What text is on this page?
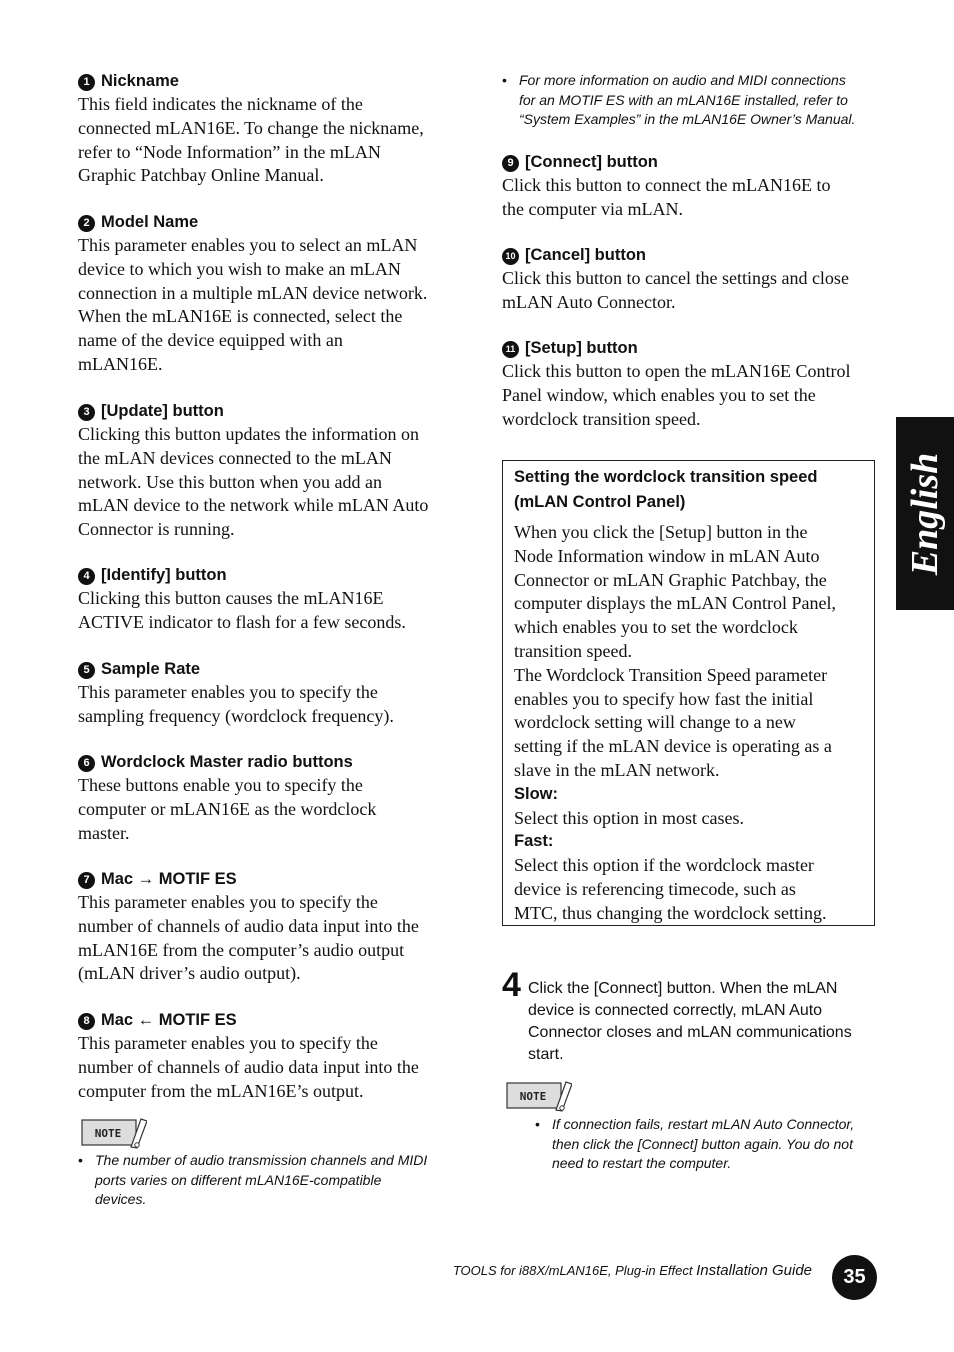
1 Nickname
This field indicates the nickname of the
connected mLAN16E. To change the nickname,
refer to “Node Information” in the mLAN
Graphic Patchbay Online Manual.
2 Model Name
This parameter enables you to select an mLAN
device to which you wish to make an mLAN
connection in a multiple mLAN device network.
When the mLAN16E is connected, select the
name of the device equipped with an
mLAN16E.
3 [Update] button
Clicking this button updates the information on
the mLAN devices connected to the mLAN
network. Use this button when you add an
mLAN device to the network while mLAN Auto
Connector is running.
4 [Identify] button
Clicking this button causes the mLAN16E
ACTIVE indicator to flash for a few seconds.
5 Sample Rate
This parameter enables you to specify the
sampling frequency (wordclock frequency).
6 Wordclock Master radio buttons
These buttons enable you to specify the
computer or mLAN16E as the wordclock
master.
7 Mac → MOTIF ES
This parameter enables you to specify the
number of channels of audio data input into the
mLAN16E from the computer’s audio output
(mLAN driver’s audio output).
8 Mac ← MOTIF ES
This parameter enables you to specify the
number of channels of audio data input into the
computer from the mLAN16E’s output.
NOTE
• The number of audio transmission channels and MIDI
ports varies on different mLAN16E-compatible
devices.
• For more information on audio and MIDI connections
for an MOTIF ES with an mLAN16E installed, refer to
“System Examples” in the mLAN16E Owner’s Manual.
9 [Connect] button
Click this button to connect the mLAN16E to
the computer via mLAN.
10 [Cancel] button
Click this button to cancel the settings and close
mLAN Auto Connector.
11 [Setup] button
Click this button to open the mLAN16E Control
Panel window, which enables you to set the
wordclock transition speed.
Setting the wordclock transition speed
(mLAN Control Panel)
When you click the [Setup] button in the
Node Information window in mLAN Auto
Connector or mLAN Graphic Patchbay, the
computer displays the mLAN Control Panel,
which enables you to set the wordclock
transition speed.
The Wordclock Transition Speed parameter
enables you to specify how fast the initial
wordclock setting will change to a new
setting if the mLAN device is operating as a
slave in the mLAN network.
Slow:
Select this option in most cases.
Fast:
Select this option if the wordclock master
device is referencing timecode, such as
MTC, thus changing the wordclock setting.
4 Click the [Connect] button. When the mLAN
device is connected correctly, mLAN Auto
Connector closes and mLAN communications
start.
NOTE
• If connection fails, restart mLAN Auto Connector,
then click the [Connect] button again. You do not
need to restart the computer.
English
TOOLS for i88X/mLAN16E, Plug-in Effect Installation Guide	35
